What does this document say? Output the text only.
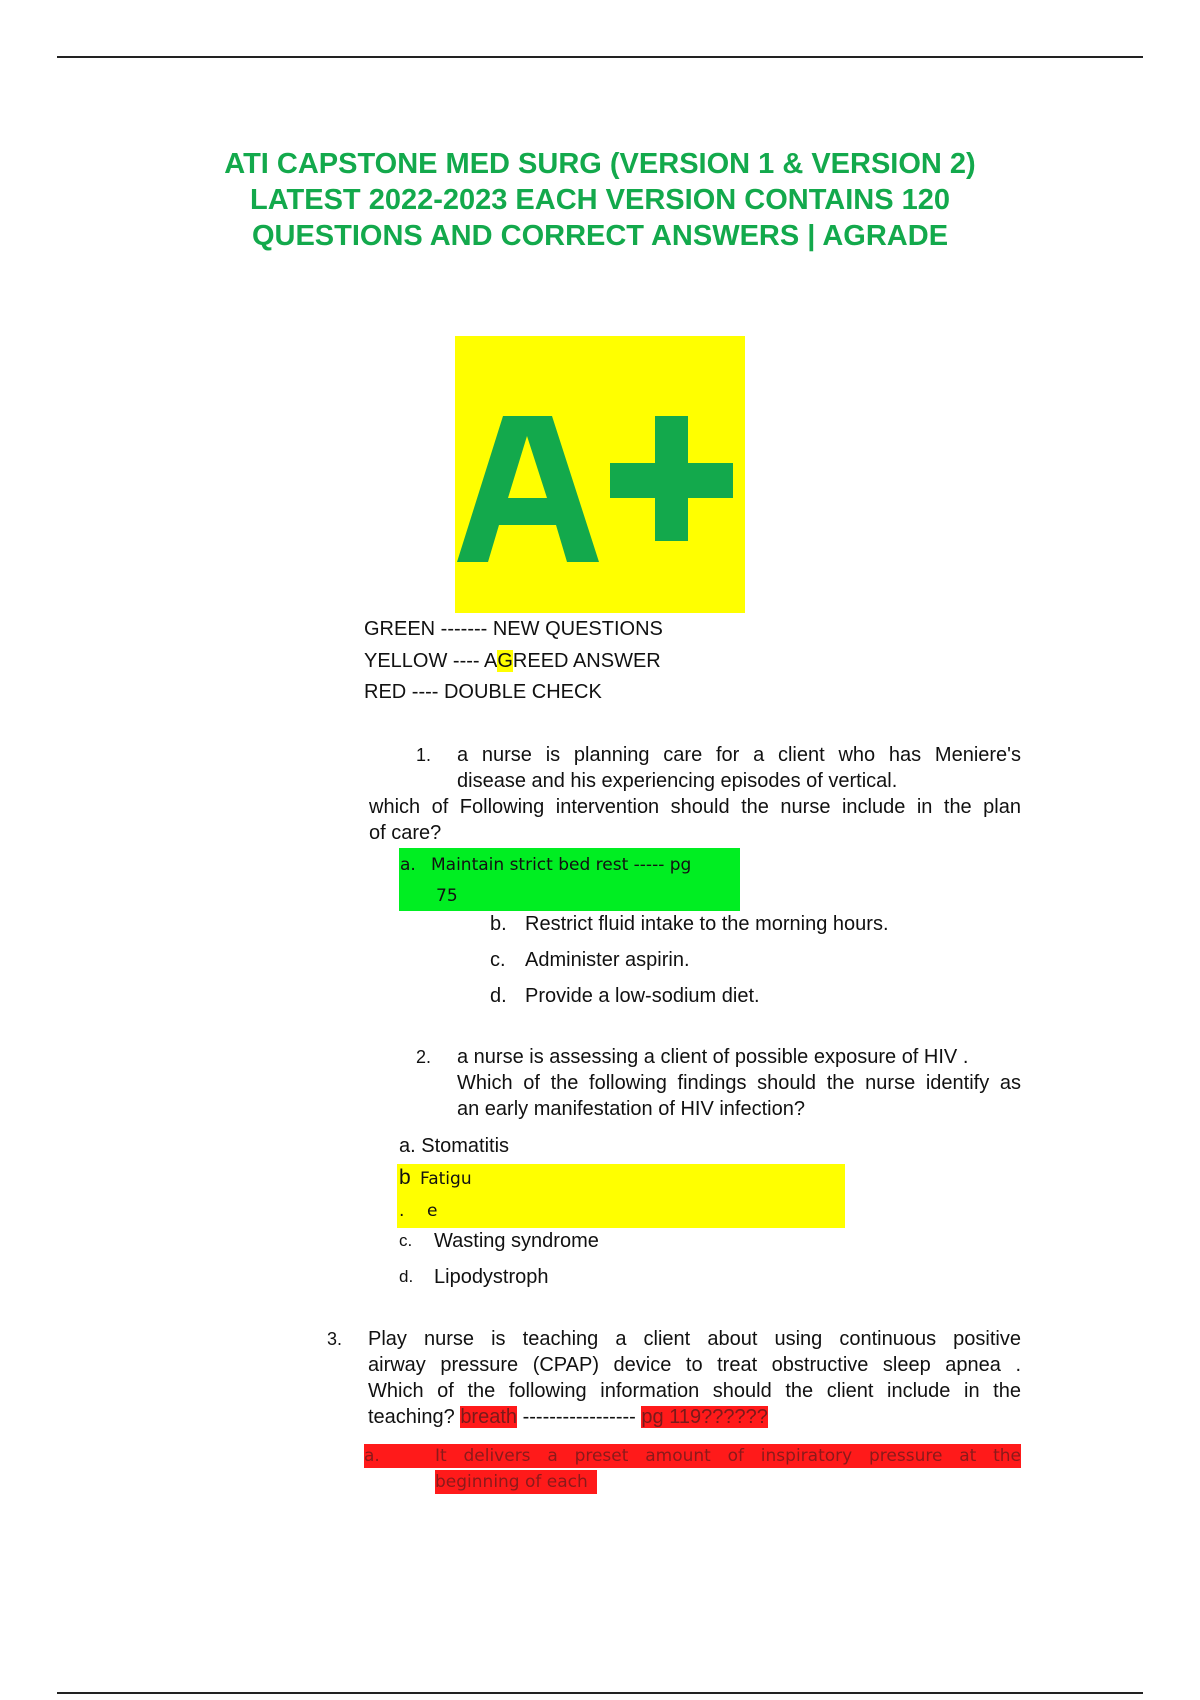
ATI CAPSTONE MED SURG (VERSION 1 & VERSION 2)
LATEST 2022-2023 EACH VERSION CONTAINS 120
QUESTIONS AND CORRECT ANSWERS | AGRADE
GREEN ------- NEW QUESTIONS
YELLOW ---- AGREED ANSWER
RED ---- DOUBLE CHECK
1. a nurse is planning care for a client who has Meniere's
disease and his experiencing episodes of vertical.
which of Following intervention should the nurse include in the plan
of care?
a. Maintain strict bed rest ----- pg
75
b. Restrict fluid intake to the morning hours.
c. Administer aspirin.
d. Provide a low-sodium diet.
2. a nurse is assessing a client of possible exposure of HIV .
Which of the following findings should the nurse identify as
an early manifestation of HIV infection?
a. Stomatitis
b Fatigu
. e
c. Wasting syndrome
d. Lipodystroph
3. Play nurse is teaching a client about using continuous positive
airway pressure (CPAP) device to treat obstructive sleep apnea .
Which of the following information should the client include in the
teaching? breath ----------------- pg 119??????
a.	It delivers a preset amount of inspiratory pressure at the
beginning of each
